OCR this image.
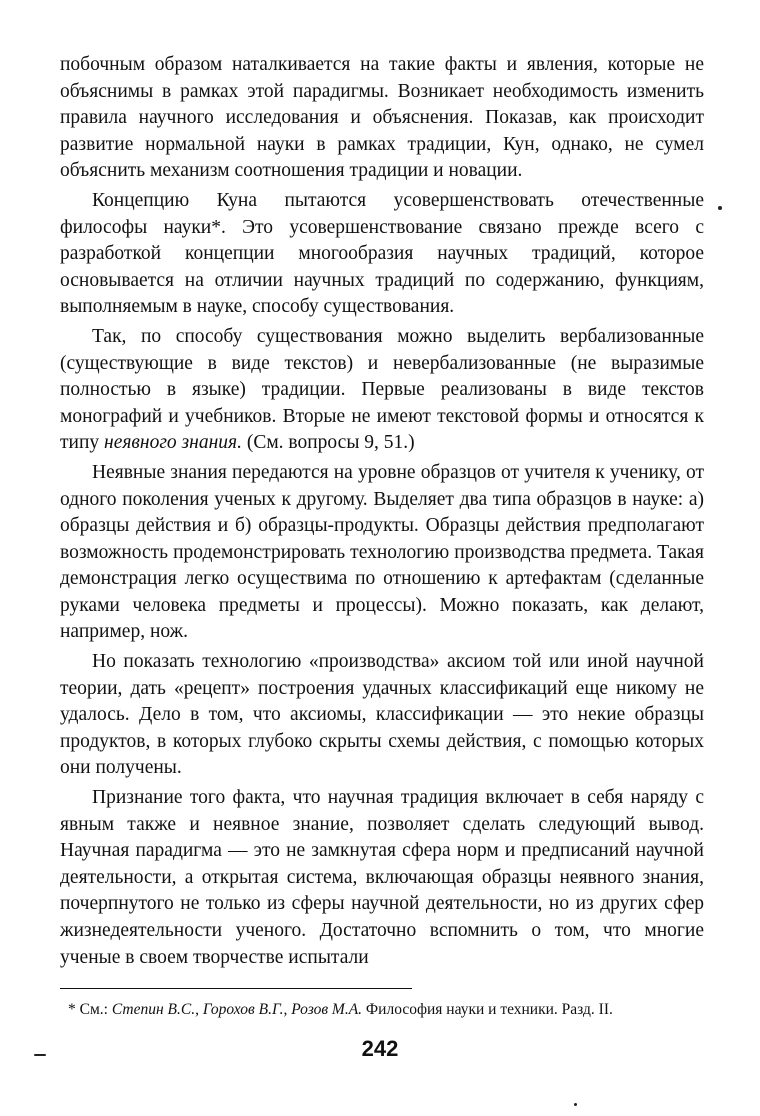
побочным образом наталкивается на такие факты и явления, которые не объяснимы в рамках этой парадигмы. Возникает необходимость изменить правила научного исследования и объяснения. Показав, как происходит развитие нормальной науки в рамках традиции, Кун, однако, не сумел объяснить механизм соотношения традиции и новации.

Концепцию Куна пытаются усовершенствовать отечественные философы науки*. Это усовершенствование связано прежде всего с разработкой концепции многообразия научных традиций, которое основывается на отличии научных традиций по содержанию, функциям, выполняемым в науке, способу существования.

Так, по способу существования можно выделить вербализованные (существующие в виде текстов) и невербализованные (не выразимые полностью в языке) традиции. Первые реализованы в виде текстов монографий и учебников. Вторые не имеют текстовой формы и относятся к типу неявного знания. (См. вопросы 9, 51.)

Неявные знания передаются на уровне образцов от учителя к ученику, от одного поколения ученых к другому. Выделяет два типа образцов в науке: а) образцы действия и б) образцы-продукты. Образцы действия предполагают возможность продемонстрировать технологию производства предмета. Такая демонстрация легко осуществима по отношению к артефактам (сделанные руками человека предметы и процессы). Можно показать, как делают, например, нож.

Но показать технологию «производства» аксиом той или иной научной теории, дать «рецепт» построения удачных классификаций еще никому не удалось. Дело в том, что аксиомы, классификации — это некие образцы продуктов, в которых глубоко скрыты схемы действия, с помощью которых они получены.

Признание того факта, что научная традиция включает в себя наряду с явным также и неявное знание, позволяет сделать следующий вывод. Научная парадигма — это не замкнутая сфера норм и предписаний научной деятельности, а открытая система, включающая образцы неявного знания, почерпнутого не только из сферы научной деятельности, но из других сфер жизнедеятельности ученого. Достаточно вспомнить о том, что многие ученые в своем творчестве испытали

* См.: Степин В.С., Горохов В.Г., Розов М.А. Философия науки и техники. Разд. II.
242
